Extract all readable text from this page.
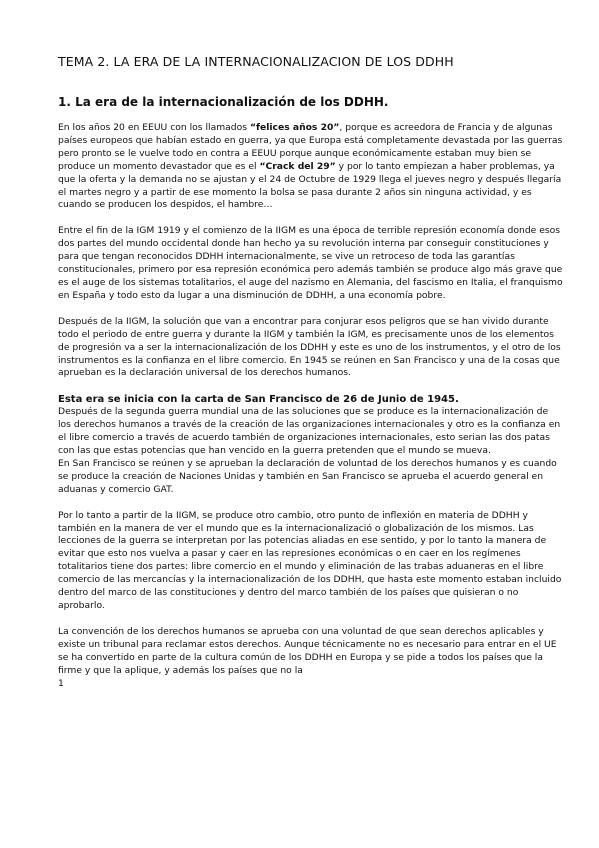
TEMA 2. LA ERA DE LA INTERNACIONALIZACION DE LOS DDHH
1. La era de la internacionalización de los DDHH.
En los años 20 en EEUU con los llamados “felices años 20”, porque es acreedora de Francia y de algunas países europeos que habían estado en guerra, ya que Europa está completamente devastada por las guerras pero pronto se le vuelve todo en contra a EEUU porque aunque económicamente estaban muy bien se produce un momento devastador que es el “Crack del 29” y por lo tanto empiezan a haber problemas, ya que la oferta y la demanda no se ajustan y el 24 de Octubre de 1929 llega el jueves negro y después llegaría el martes negro y a partir de ese momento la bolsa se pasa durante 2 años sin ninguna actividad, y es cuando se producen los despidos, el hambre…
Entre el fin de la IGM 1919 y el comienzo de la IIGM es una época de terrible represión economía donde esos dos partes del mundo occidental donde han hecho ya su revolución interna par conseguir constituciones y para que tengan reconocidos DDHH internacionalmente, se vive un retroceso de toda las garantías constitucionales, primero por esa represión económica pero además también se produce algo más grave que es el auge de los sistemas totalitarios, el auge del nazismo en Alemania, del fascismo en Italia, el franquismo en España y todo esto da lugar a una disminución de DDHH, a una economía pobre.
Después de la IIGM, la solución que van a encontrar para conjurar esos peligros que se han vivido durante todo el periodo de entre guerra y durante la IIGM y también la IGM, es precisamente unos de los elementos de progresión va a ser la internacionalización de los DDHH y este es uno de los instrumentos, y el otro de los instrumentos es la confianza en el libre comercio. En 1945 se reúnen en San Francisco y una de la cosas que aprueban es la declaración universal de los derechos humanos.
Esta era se inicia con la carta de San Francisco de 26 de Junio de 1945.
Después de la segunda guerra mundial una de las soluciones que se produce es la internacionalización de los derechos humanos a través de la creación de las organizaciones internacionales y otro es la confianza en el libre comercio a través de acuerdo también de organizaciones internacionales, esto serian las dos patas con las que estas potencias que han vencido en la guerra pretenden que el mundo se mueva.
En San Francisco se reúnen y se aprueban la declaración de voluntad de los derechos humanos y es cuando se produce la creación de Naciones Unidas y también en San Francisco se aprueba el acuerdo general en aduanas y comercio GAT.
Por lo tanto a partir de la IIGM, se produce otro cambio, otro punto de inflexión en materia de DDHH y también en la manera de ver el mundo que es la internacionalizació o globalización de los mismos. Las lecciones de la guerra se interpretan por las potencias aliadas en ese sentido, y por lo tanto la manera de evitar que esto nos vuelva a pasar y caer en las represiones económicas o en caer en los regímenes totalitarios tiene dos partes: libre comercio en el mundo y eliminación de las trabas aduaneras en el libre comercio de las mercancías y la internacionalización de los DDHH, que hasta este momento estaban incluido dentro del marco de las constituciones y dentro del marco también de los países que quisieran o no aprobarlo.
La convención de los derechos humanos se aprueba con una voluntad de que sean derechos aplicables y existe un tribunal para reclamar estos derechos. Aunque técnicamente no es necesario para entrar en el UE se ha convertido en parte de la cultura común de los DDHH en Europa y se pide a todos los países que la firme y que la aplique, y además los países que no la
1
